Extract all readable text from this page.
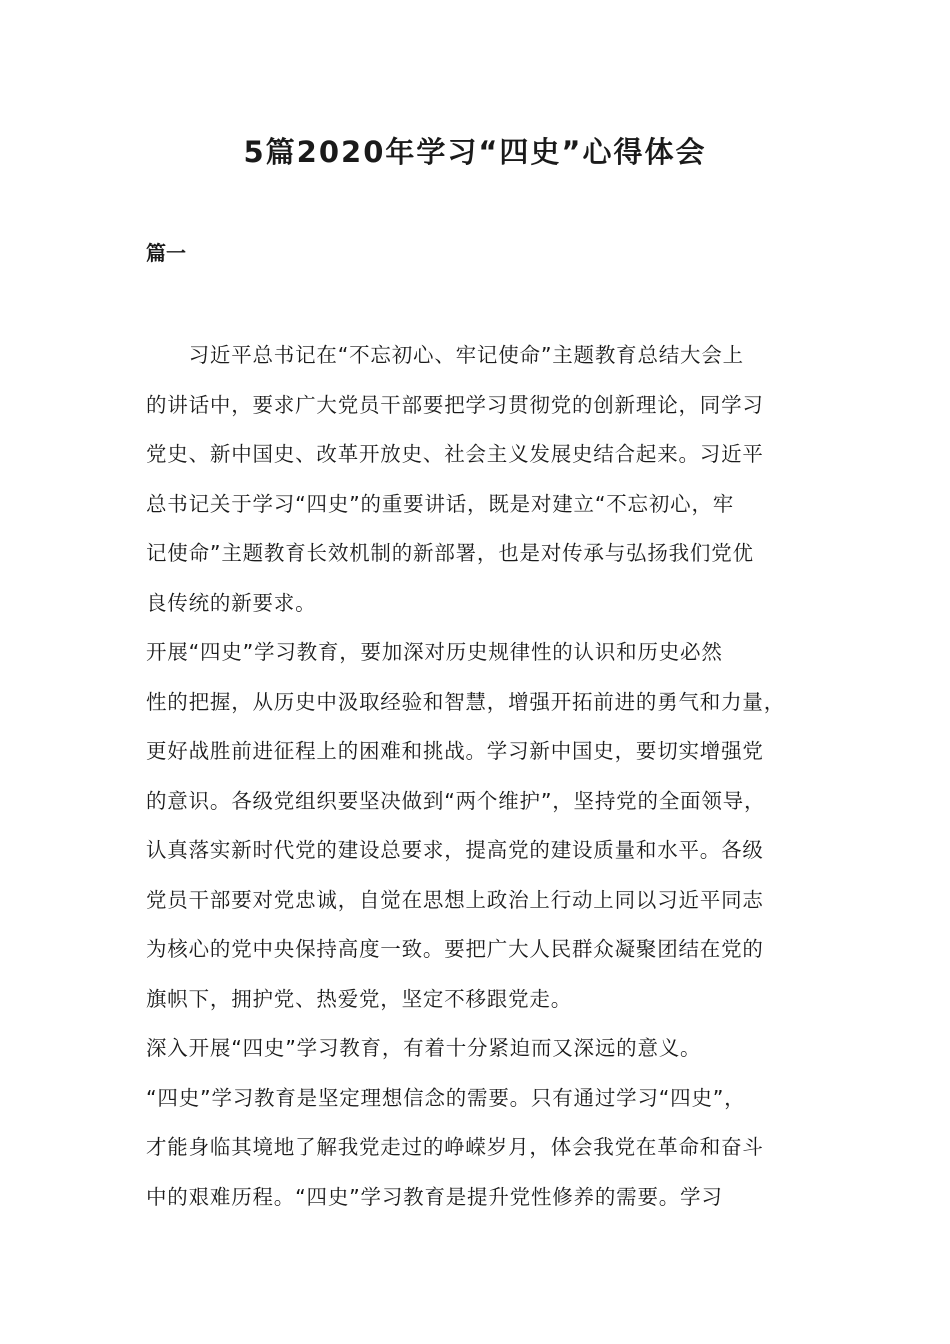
5篇2020年学习“四史”心得体会
篇一
　　习近平总书记在“不忘初心、牢记使命”主题教育总结大会上
的讲话中，要求广大党员干部要把学习贯彻党的创新理论，同学习
党史、新中国史、改革开放史、社会主义发展史结合起来。习近平
总书记关于学习“四史”的重要讲话，既是对建立“不忘初心，牢
记使命”主题教育长效机制的新部署，也是对传承与弘扬我们党优
良传统的新要求。
开展“四史”学习教育，要加深对历史规律性的认识和历史必然
性的把握，从历史中汲取经验和智慧，增强开拓前进的勇气和力量，
更好战胜前进征程上的困难和挑战。学习新中国史，要切实增强党
的意识。各级党组织要坚决做到“两个维护”，坚持党的全面领导，
认真落实新时代党的建设总要求，提高党的建设质量和水平。各级
党员干部要对党忠诚，自觉在思想上政治上行动上同以习近平同志
为核心的党中央保持高度一致。要把广大人民群众凝聚团结在党的
旗帜下，拥护党、热爱党，坚定不移跟党走。
深入开展“四史”学习教育，有着十分紧迫而又深远的意义。
“四史”学习教育是坚定理想信念的需要。只有通过学习“四史”，
才能身临其境地了解我党走过的峥嵘岁月，体会我党在革命和奋斗
中的艰难历程。“四史”学习教育是提升党性修养的需要。学习
